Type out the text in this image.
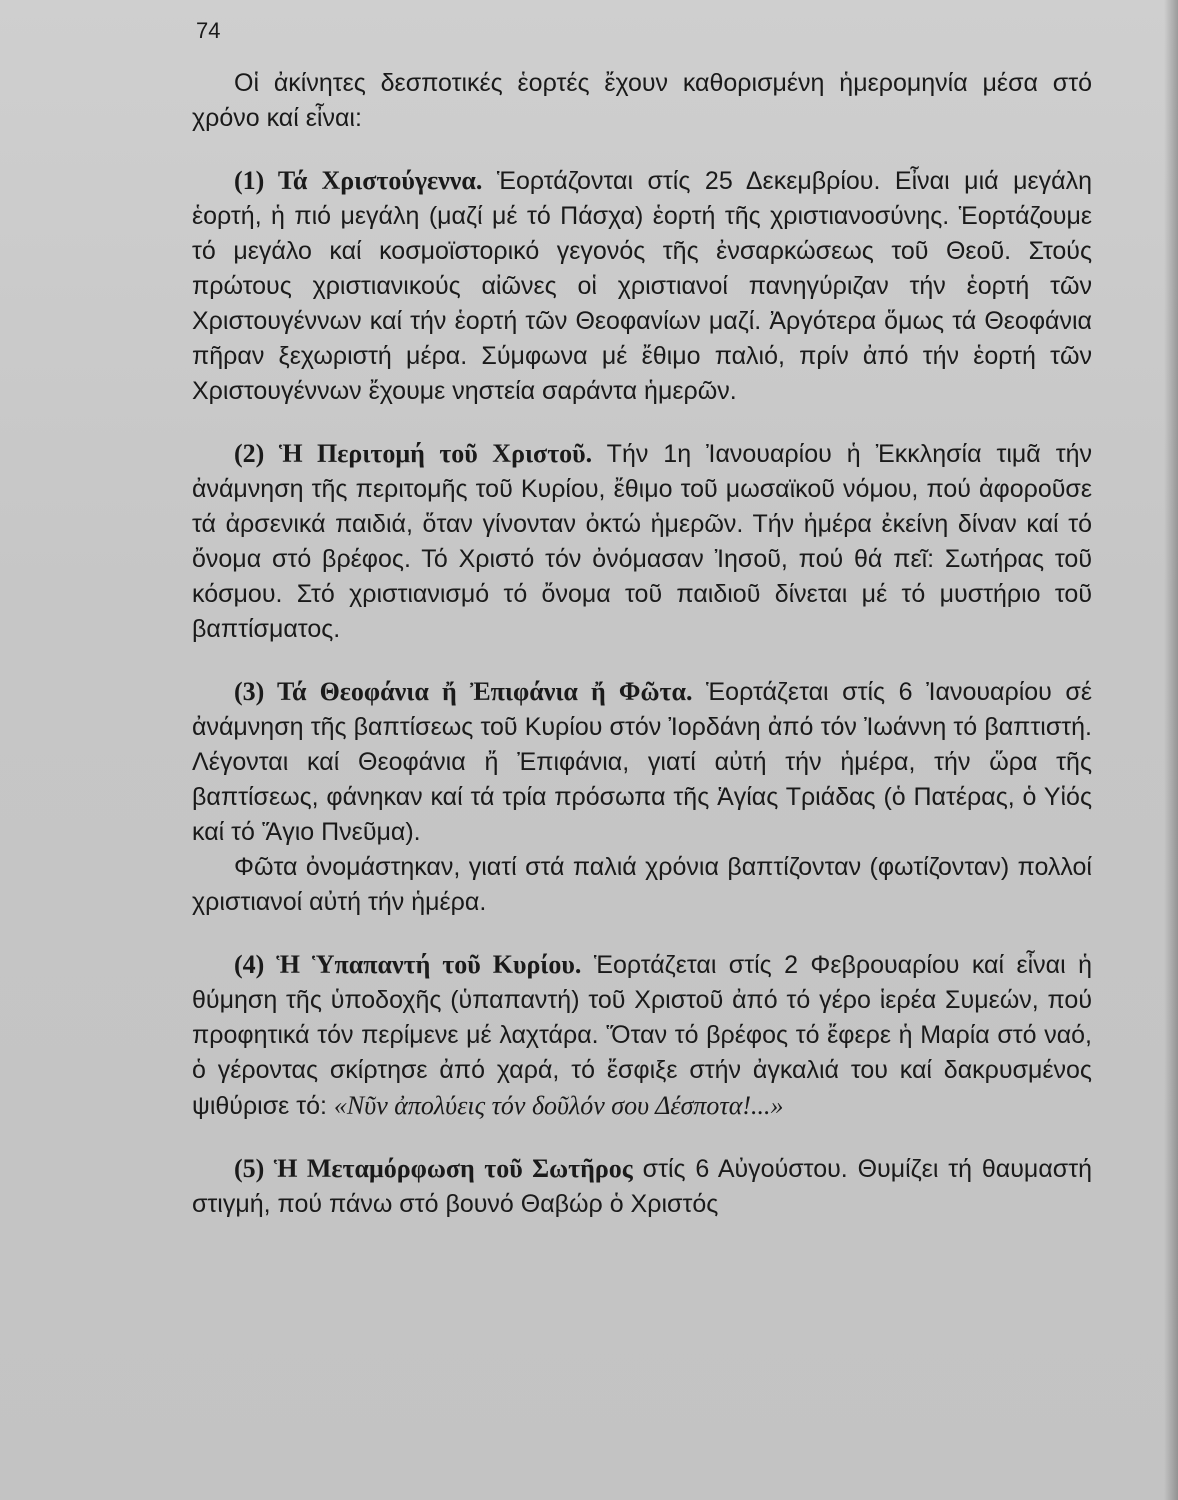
74

Οἱ ἀκίνητες δεσποτικές ἑορτές ἔχουν καθορισμένη ἡμερομηνία μέσα στό χρόνο καί εἶναι:

(1) Τά Χριστούγεννα. Ἑορτάζονται στίς 25 Δεκεμβρίου. Εἶναι μιά μεγάλη ἑορτή, ἡ πιό μεγάλη (μαζί μέ τό Πάσχα) ἑορτή τῆς χριστιανοσύνης. Ἑορτάζουμε τό μεγάλο καί κοσμοϊστορικό γεγονός τῆς ἐνσαρκώσεως τοῦ Θεοῦ. Στούς πρώτους χριστιανικούς αἰῶνες οἱ χριστιανοί πανηγύριζαν τήν ἑορτή τῶν Χριστουγέννων καί τήν ἑορτή τῶν Θεοφανίων μαζί. Ἀργότερα ὅμως τά Θεοφάνια πῆραν ξεχωριστή μέρα. Σύμφωνα μέ ἔθιμο παλιό, πρίν ἀπό τήν ἑορτή τῶν Χριστουγέννων ἔχουμε νηστεία σαράντα ἡμερῶν.

(2) Ἡ Περιτομή τοῦ Χριστοῦ. Τήν 1η Ἰανουαρίου ἡ Ἐκκλησία τιμᾶ τήν ἀνάμνηση τῆς περιτομῆς τοῦ Κυρίου, ἔθιμο τοῦ μωσαϊκοῦ νόμου, πού ἀφοροῦσε τά ἀρσενικά παιδιά, ὅταν γίνονταν ὀκτώ ἡμερῶν. Τήν ἡμέρα ἐκείνη δίναν καί τό ὄνομα στό βρέφος. Τό Χριστό τόν ὀνόμασαν Ἰησοῦ, πού θά πεῖ: Σωτήρας τοῦ κόσμου. Στό χριστιανισμό τό ὄνομα τοῦ παιδιοῦ δίνεται μέ τό μυστήριο τοῦ βαπτίσματος.

(3) Τά Θεοφάνια ἤ Ἐπιφάνια ἤ Φῶτα. Ἑορτάζεται στίς 6 Ἰανουαρίου σέ ἀνάμνηση τῆς βαπτίσεως τοῦ Κυρίου στόν Ἰορδάνη ἀπό τόν Ἰωάννη τό βαπτιστή. Λέγονται καί Θεοφάνια ἤ Ἐπιφάνια, γιατί αὐτή τήν ἡμέρα, τήν ὥρα τῆς βαπτίσεως, φάνηκαν καί τά τρία πρόσωπα τῆς Ἁγίας Τριάδας (ὁ Πατέρας, ὁ Υἱός καί τό Ἅγιο Πνεῦμα).

Φῶτα ὀνομάστηκαν, γιατί στά παλιά χρόνια βαπτίζονταν (φωτίζονταν) πολλοί χριστιανοί αὐτή τήν ἡμέρα.

(4) Ἡ Ὑπαπαντή τοῦ Κυρίου. Ἑορτάζεται στίς 2 Φεβρουαρίου καί εἶναι ἡ θύμηση τῆς ὑποδοχῆς (ὑπαπαντή) τοῦ Χριστοῦ ἀπό τό γέρο ἱερέα Συμεών, πού προφητικά τόν περίμενε μέ λαχτάρα. Ὅταν τό βρέφος τό ἔφερε ἡ Μαρία στό ναό, ὁ γέροντας σκίρτησε ἀπό χαρά, τό ἔσφιξε στήν ἀγκαλιά του καί δακρυσμένος ψιθύρισε τό: «Νῦν ἀπολύεις τόν δοῦλόν σου Δέσποτα!...»

(5) Ἡ Μεταμόρφωση τοῦ Σωτῆρος στίς 6 Αὐγούστου. Θυμίζει τή θαυμαστή στιγμή, πού πάνω στό βουνό Θαβώρ ὁ Χριστός
